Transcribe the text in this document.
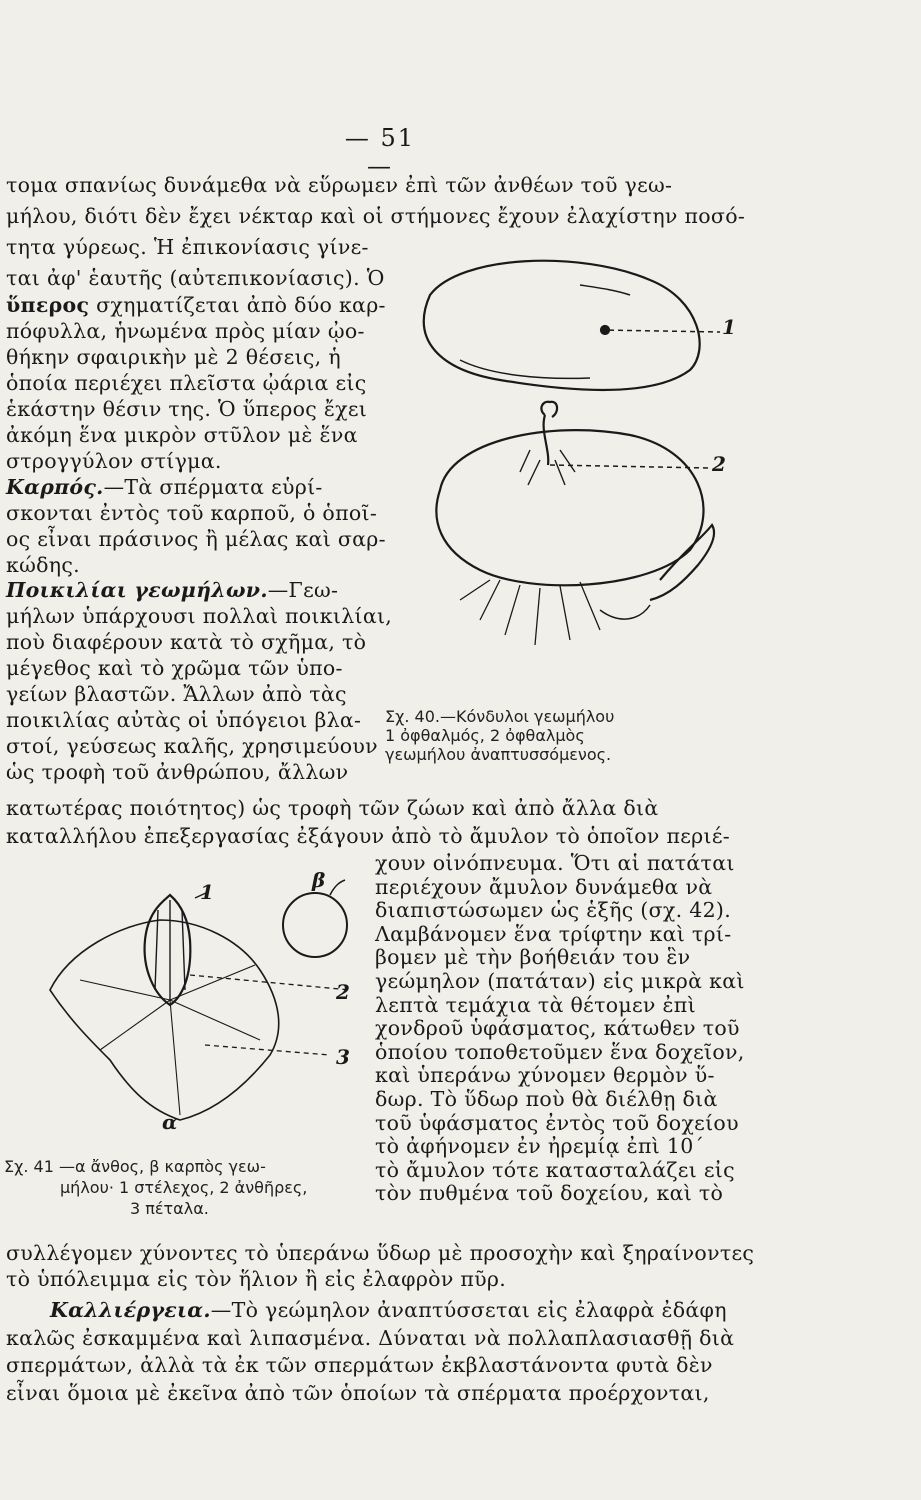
— 51 —
τομα σπανίως δυνάμεθα νὰ εὕρωμεν ἐπὶ τῶν ἀνθέων τοῦ γεω-
μήλου, διότι δὲν ἔχει νέκταρ καὶ οἱ στήμονες ἔχουν ἐλαχίστην ποσό-
τητα γύρεως. Ἡ ἐπικονίασις γίνε-
ται ἀφ' ἑαυτῆς (αὐτεπικονίασις). Ὁ
ὕπερος σχηματίζεται ἀπὸ δύο καρ-
πόφυλλα, ἡνωμένα πρὸς μίαν ᾠο-
θήκην σφαιρικὴν μὲ 2 θέσεις, ἡ
ὁποία περιέχει πλεῖστα ᾠάρια εἰς
ἑκάστην θέσιν της. Ὁ ὕπερος ἔχει
ἀκόμη ἕνα μικρὸν στῦλον μὲ ἕνα
στρογγύλον στίγμα.
Καρπός.—Τὰ σπέρματα εὑρί-
σκονται ἐντὸς τοῦ καρποῦ, ὁ ὁποῖ-
ος εἶναι πράσινος ἢ μέλας καὶ σαρ-
κώδης.
Ποικιλίαι γεωμήλων.—Γεω-
μήλων ὑπάρχουσι πολλαὶ ποικιλίαι,
ποὺ διαφέρουν κατὰ τὸ σχῆμα, τὸ
μέγεθος καὶ τὸ χρῶμα τῶν ὑπο-
γείων βλαστῶν. Ἄλλων ἀπὸ τὰς
ποικιλίας αὐτὰς οἱ ὑπόγειοι βλα-
στοί, γεύσεως καλῆς, χρησιμεύουν
ὡς τροφὴ τοῦ ἀνθρώπου, ἄλλων
κατωτέρας ποιότητος) ὡς τροφὴ τῶν ζώων καὶ ἀπὸ ἄλλα διὰ
καταλλήλου ἐπεξεργασίας ἐξάγουν ἀπὸ τὸ ἄμυλον τὸ ὁποῖον περιέ-
χουν οἰνόπνευμα. Ὅτι αἱ πατάται
περιέχουν ἄμυλον δυνάμεθα νὰ
διαπιστώσωμεν ὡς ἑξῆς (σχ. 42).
Λαμβάνομεν ἕνα τρίφτην καὶ τρί-
βομεν μὲ τὴν βοήθειάν του ἓν
γεώμηλον (πατάταν) εἰς μικρὰ καὶ
λεπτὰ τεμάχια τὰ θέτομεν ἐπὶ
χονδροῦ ὑφάσματος, κάτωθεν τοῦ
ὁποίου τοποθετοῦμεν ἕνα δοχεῖον,
καὶ ὑπεράνω χύνομεν θερμὸν ὕ-
δωρ. Τὸ ὕδωρ ποὺ θὰ διέλθῃ διὰ
τοῦ ὑφάσματος ἐντὸς τοῦ δοχείου
τὸ ἀφήνομεν ἐν ἠρεμίᾳ ἐπὶ 10΄
τὸ ἄμυλον τότε κατασταλάζει εἰς
τὸν πυθμένα τοῦ δοχείου, καὶ τὸ
συλλέγομεν χύνοντες τὸ ὑπεράνω ὕδωρ μὲ προσοχὴν καὶ ξηραίνοντες
τὸ ὑπόλειμμα εἰς τὸν ἥλιον ἢ εἰς ἐλαφρὸν πῦρ.
Καλλιέργεια.—Τὸ γεώμηλον ἀναπτύσσεται εἰς ἐλαφρὰ ἐδάφη
καλῶς ἐσκαμμένα καὶ λιπασμένα. Δύναται νὰ πολλαπλασιασθῇ διὰ
σπερμάτων, ἀλλὰ τὰ ἐκ τῶν σπερμάτων ἐκβλαστάνοντα φυτὰ δὲν
εἶναι ὅμοια μὲ ἐκεῖνα ἀπὸ τῶν ὁποίων τὰ σπέρματα προέρχονται,
1
2
Σχ. 40.—Κόνδυλοι γεωμήλου
1 ὀφθαλμός, 2 ὀφθαλμὸς
γεωμήλου ἀναπτυσσόμενος.
1	β
2
3
α
Σχ. 41 —α ἄνθος, β καρπὸς γεω-
μήλου· 1 στέλεχος, 2 ἀνθῆρες,
3 πέταλα.
